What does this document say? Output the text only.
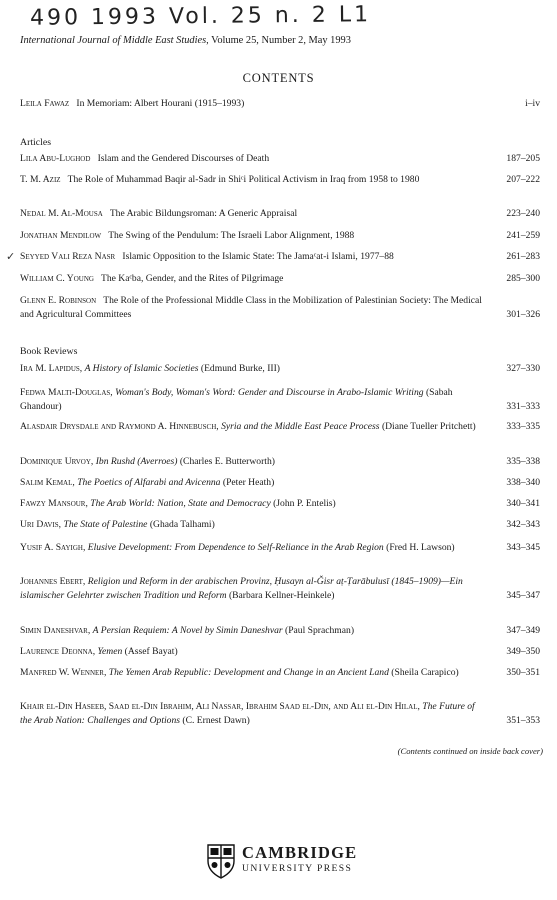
490 1993 Vol. 25 n. 2 L1
International Journal of Middle East Studies, Volume 25, Number 2, May 1993
CONTENTS
Leila Fawaz In Memoriam: Albert Hourani (1915–1993)	i–iv
Articles
✓
Lila Abu-Lughod Islam and the Gendered Discourses of Death	187–205
T. M. Aziz The Role of Muhammad Baqir al-Sadr in Shiᶜi Political Activism in Iraq from 1958 to 1980	207–222
Nedal M. Al-Mousa The Arabic Bildungsroman: A Generic Appraisal	223–240
Jonathan Mendilow The Swing of the Pendulum: The Israeli Labor Alignment, 1988	241–259
Seyyed Vali Reza Nasr Islamic Opposition to the Islamic State: The Jamaᶜat-i Islami, 1977–88	261–283
William C. Young The Kaᶜba, Gender, and the Rites of Pilgrimage	285–300
Glenn E. Robinson The Role of the Professional Middle Class in the Mobilization of Palestinian Society: The Medical and Agricultural Committees	301–326
Book Reviews
Ira M. Lapidus, A History of Islamic Societies (Edmund Burke, III)	327–330
Fedwa Malti-Douglas, Woman's Body, Woman's Word: Gender and Discourse in Arabo-Islamic Writing (Sabah Ghandour)	331–333
Alasdair Drysdale and Raymond A. Hinnebusch, Syria and the Middle East Peace Process (Diane Tueller Pritchett)	333–335
Dominique Urvoy, Ibn Rushd (Averroes) (Charles E. Butterworth)	335–338
Salim Kemal, The Poetics of Alfarabi and Avicenna (Peter Heath)	338–340
Fawzy Mansour, The Arab World: Nation, State and Democracy (John P. Entelis)	340–341
Uri Davis, The State of Palestine (Ghada Talhami)	342–343
Yusif A. Sayigh, Elusive Development: From Dependence to Self-Reliance in the Arab Region (Fred H. Lawson)	343–345
Johannes Ebert, Religion und Reform in der arabischen Provinz, Ḥusayn al-Ǧisr aṭ-Ṭarābulusī (1845–1909)—Ein islamischer Gelehrter zwischen Tradition und Reform (Barbara Kellner-Heinkele)	345–347
Simin Daneshvar, A Persian Requiem: A Novel by Simin Daneshvar (Paul Sprachman)	347–349
Laurence Deonna, Yemen (Assef Bayat)	349–350
Manfred W. Wenner, The Yemen Arab Republic: Development and Change in an Ancient Land (Sheila Carapico)	350–351
Khair el-Din Haseeb, Saad el-Din Ibrahim, Ali Nassar, Ibrahim Saad el-Din, and Ali el-Din Hilal, The Future of the Arab Nation: Challenges and Options (C. Ernest Dawn)	351–353
(Contents continued on inside back cover)
CAMBRIDGE
UNIVERSITY PRESS
